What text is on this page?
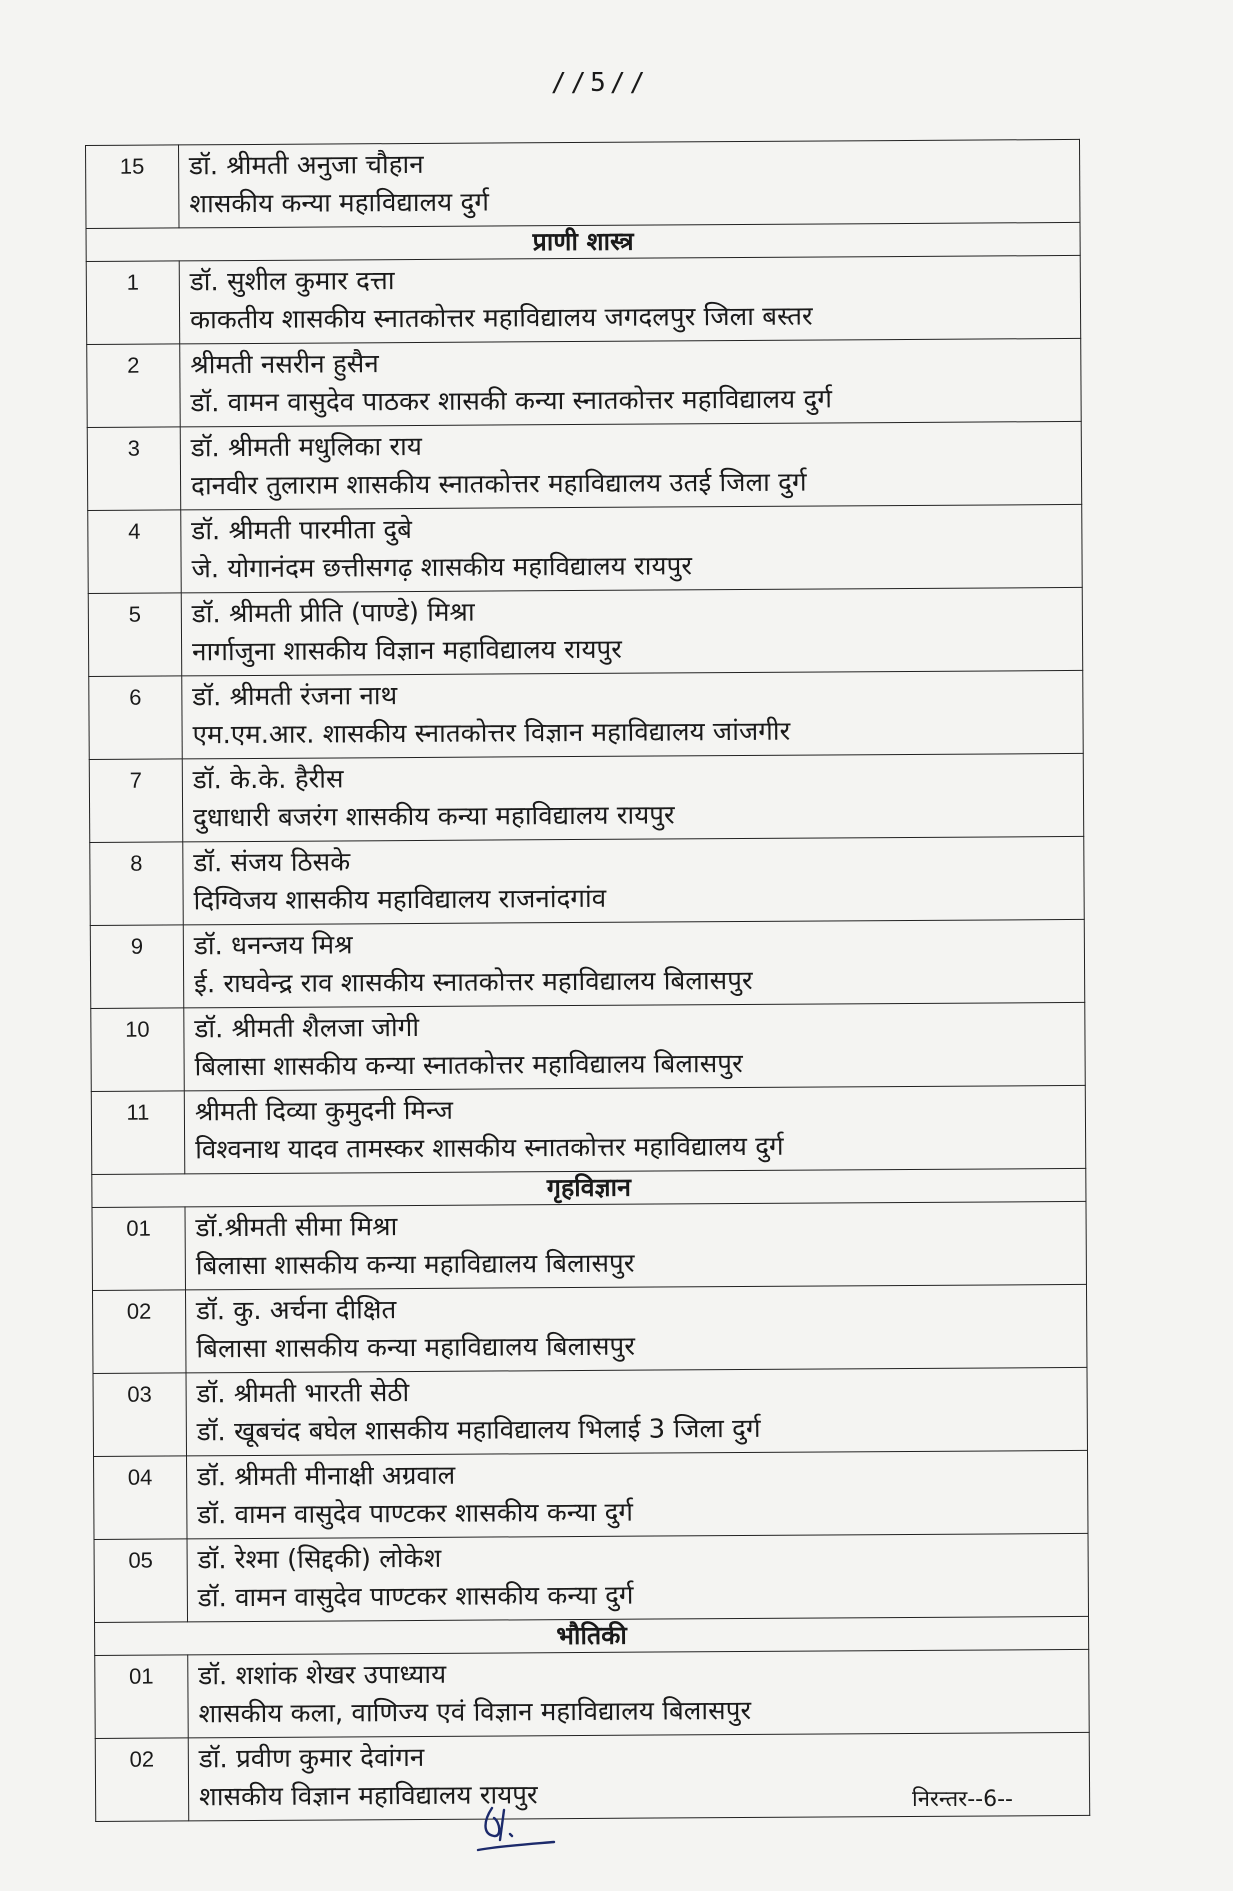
//5//
15	डॉ. श्रीमती अनुजा चौहान
शासकीय कन्या महाविद्यालय दुर्ग

प्राणी शास्त्र	
1	डॉ. सुशील कुमार दत्ता
काकतीय शासकीय स्नातकोत्तर महाविद्यालय जगदलपुर जिला बस्तर

2	श्रीमती नसरीन हुसैन
डॉ. वामन वासुदेव पाठकर शासकी कन्या स्नातकोत्तर महाविद्यालय दुर्ग

3	डॉ. श्रीमती मधुलिका राय
दानवीर तुलाराम शासकीय स्नातकोत्तर महाविद्यालय उतई जिला दुर्ग

4	डॉ. श्रीमती पारमीता दुबे
जे. योगानंदम छत्तीसगढ़ शासकीय महाविद्यालय रायपुर

5	डॉ. श्रीमती प्रीति (पाण्डे) मिश्रा
नार्गाजुना शासकीय विज्ञान महाविद्यालय रायपुर

6	डॉ. श्रीमती रंजना नाथ
एम.एम.आर. शासकीय स्नातकोत्तर विज्ञान महाविद्यालय जांजगीर

7	डॉ. के.के. हैरीस
दुधाधारी बजरंग शासकीय कन्या महाविद्यालय रायपुर

8	डॉ. संजय ठिसके
दिग्विजय शासकीय महाविद्यालय राजनांदगांव

9	डॉ. धनन्जय मिश्र
ई. राघवेन्द्र राव शासकीय स्नातकोत्तर महाविद्यालय बिलासपुर

10	डॉ. श्रीमती शैलजा जोगी
बिलासा शासकीय कन्या स्नातकोत्तर महाविद्यालय बिलासपुर

11	श्रीमती दिव्या कुमुदनी मिन्ज
विश्वनाथ यादव तामस्कर शासकीय स्नातकोत्तर महाविद्यालय दुर्ग

गृहविज्ञान	
01	डॉ.श्रीमती सीमा मिश्रा
बिलासा शासकीय कन्या महाविद्यालय बिलासपुर

02	डॉ. कु. अर्चना दीक्षित
बिलासा शासकीय कन्या महाविद्यालय बिलासपुर

03	डॉ. श्रीमती भारती सेठी
डॉ. खूबचंद बघेल शासकीय महाविद्यालय भिलाई 3 जिला दुर्ग

04	डॉ. श्रीमती मीनाक्षी अग्रवाल
डॉ. वामन वासुदेव पाण्टकर शासकीय कन्या दुर्ग

05	डॉ. रेश्मा (सिद्दकी) लोकेश
डॉ. वामन वासुदेव पाण्टकर शासकीय कन्या दुर्ग

भौतिकी	
01	डॉ. शशांक शेखर उपाध्याय
शासकीय कला, वाणिज्य एवं विज्ञान महाविद्यालय बिलासपुर

02	डॉ. प्रवीण कुमार देवांगन
शासकीय विज्ञान महाविद्यालय रायपुर	निरन्तर--6--
